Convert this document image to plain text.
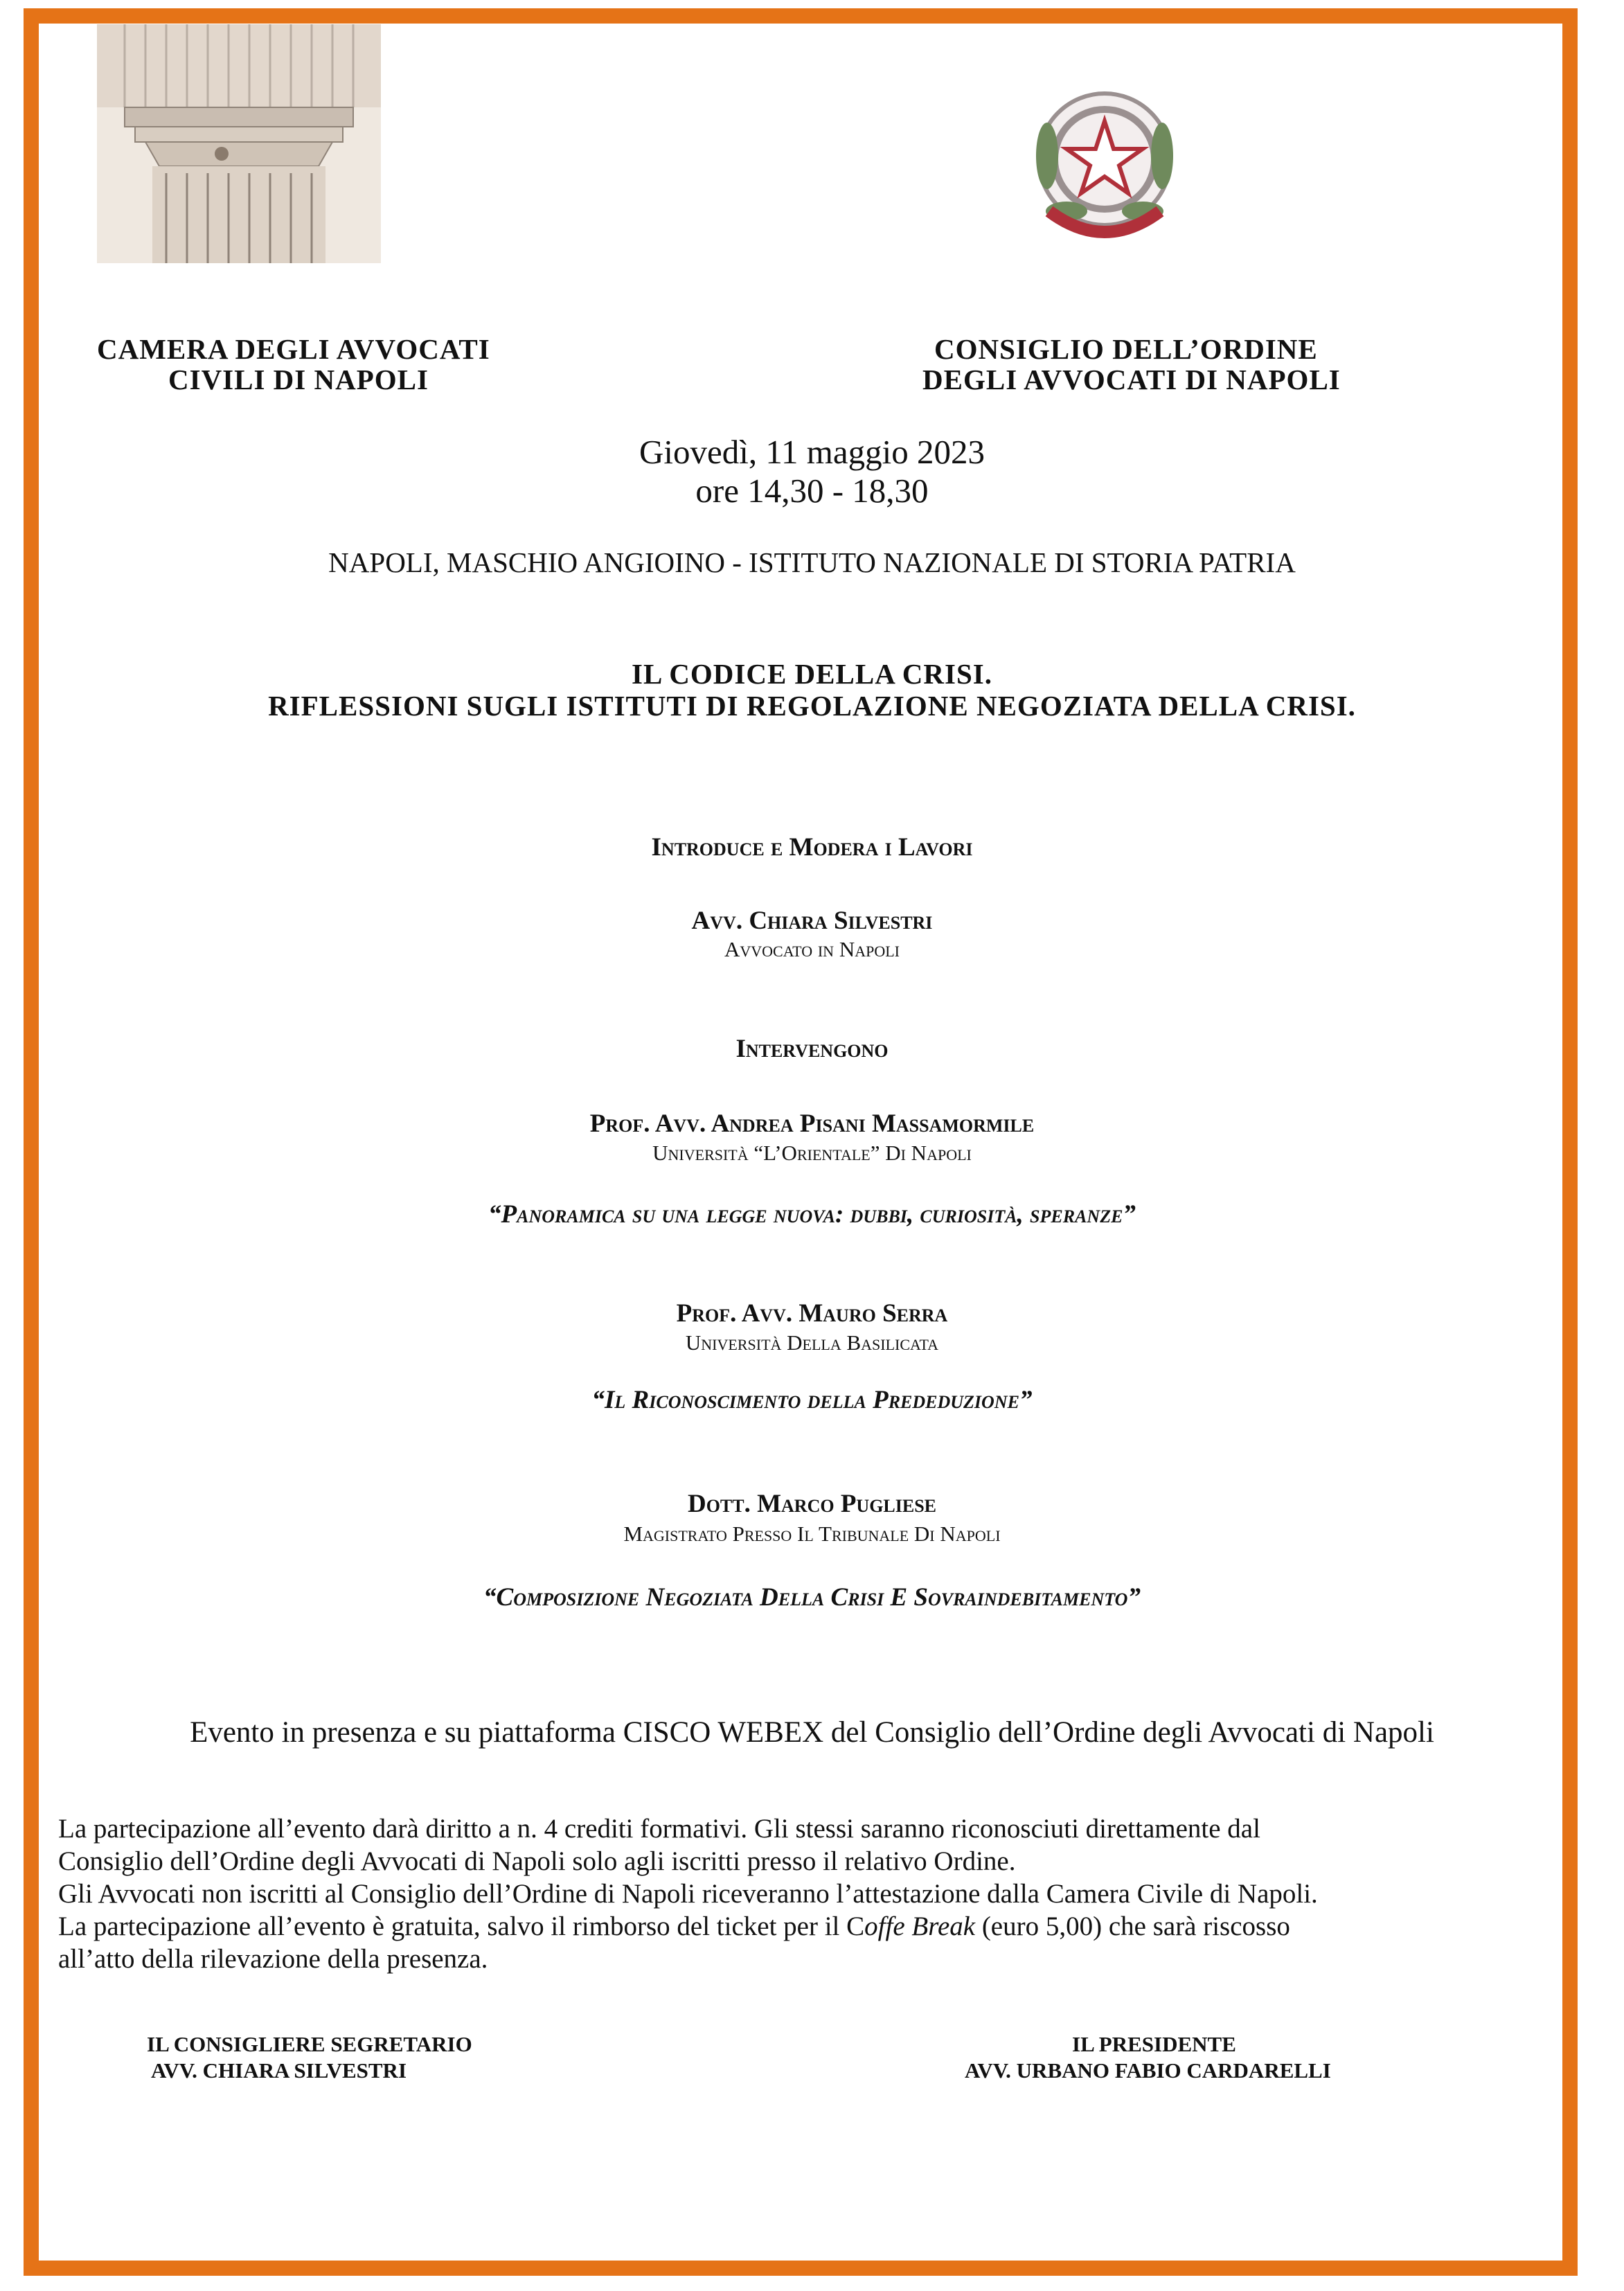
CAMERA DEGLI AVVOCATI
CIVILI DI NAPOLI
CONSIGLIO DELL’ORDINE
DEGLI AVVOCATI DI NAPOLI
Giovedì, 11 maggio 2023
ore 14,30 - 18,30
NAPOLI, MASCHIO ANGIOINO - ISTITUTO NAZIONALE DI STORIA PATRIA
IL CODICE DELLA CRISI.
RIFLESSIONI SUGLI ISTITUTI DI REGOLAZIONE NEGOZIATA DELLA CRISI.
Introduce e Modera i Lavori
Avv. Chiara Silvestri
Avvocato in Napoli
Intervengono
Prof. Avv. Andrea Pisani Massamormile
Università “L’Orientale” Di Napoli
“Panoramica su una legge nuova: dubbi, curiosità, speranze”
Prof. Avv. Mauro Serra
Università Della Basilicata
“Il Riconoscimento della Prededuzione”
Dott. Marco Pugliese
Magistrato Presso Il Tribunale Di Napoli
“Composizione Negoziata Della Crisi E Sovraindebitamento”
Evento in presenza e su piattaforma CISCO WEBEX del Consiglio dell’Ordine degli Avvocati di Napoli

La partecipazione all’evento darà diritto a n. 4 crediti formativi. Gli stessi saranno riconosciuti direttamente dal

Consiglio dell’Ordine degli Avvocati di Napoli solo agli iscritti presso il relativo Ordine.

Gli Avvocati non iscritti al Consiglio dell’Ordine di Napoli riceveranno l’attestazione dalla Camera Civile di Napoli.

La partecipazione all’evento è gratuita, salvo il rimborso del ticket per il Coffe Break (euro 5,00) che sarà riscosso

all’atto della rilevazione della presenza.

IL CONSIGLIERE SEGRETARIO
AVV. CHIARA SILVESTRI
IL PRESIDENTE
AVV. URBANO FABIO CARDARELLI
